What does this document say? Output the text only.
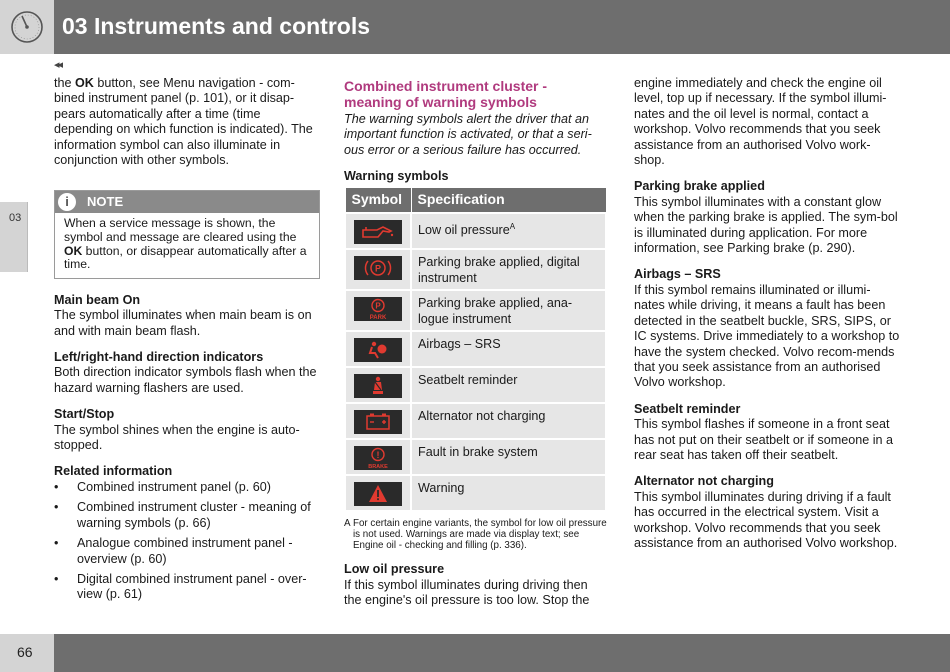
03 Instruments and controls
◂◂
03

the OK button, see Menu navigation - com-bined instrument panel (p. 101), or it disap-pears automatically after a time (time depending on which function is indicated). The information symbol can also illuminate in conjunction with other symbols.

i	NOTE
When a service message is shown, the symbol and message are cleared using the OK button, or disappear automatically after a time.

Main beam On

The symbol illuminates when main beam is on and with main beam flash.

Left/right-hand direction indicators

Both direction indicator symbols flash when the hazard warning flashers are used.

Start/Stop

The symbol shines when the engine is auto-stopped.

Related information

• Combined instrument panel (p. 60)
• Combined instrument cluster - meaning of warning symbols (p. 66)
• Analogue combined instrument panel - overview (p. 60)
• Digital combined instrument panel - over-view (p. 61)

Combined instrument cluster - meaning of warning symbols

The warning symbols alert the driver that an important function is activated, or that a seri-ous error or a serious failure has occurred.

Warning symbols

Symbol	Specification

	Low oil pressure$^A$

P	Parking brake applied, digital instrument

P
PARK	Parking brake applied, ana-logue instrument

	Airbags – SRS

	Seatbelt reminder

	Alternator not charging

!
BRAKE	Fault in brake system

	Warning
A For certain engine variants, the symbol for low oil pressure is not used. Warnings are made via display text; see Engine oil - checking and filling (p. 336).

Low oil pressure

If this symbol illuminates during driving then the engine's oil pressure is too low. Stop the

engine immediately and check the engine oil level, top up if necessary. If the symbol illumi-nates and the oil level is normal, contact a workshop. Volvo recommends that you seek assistance from an authorised Volvo work-shop.

Parking brake applied

This symbol illuminates with a constant glow when the parking brake is applied. The sym-bol is illuminated during application. For more information, see Parking brake (p. 290).

Airbags – SRS

If this symbol remains illuminated or illumi-nates while driving, it means a fault has been detected in the seatbelt buckle, SRS, SIPS, or IC systems. Drive immediately to a workshop to have the system checked. Volvo recom-mends that you seek assistance from an authorised Volvo workshop.

Seatbelt reminder

This symbol flashes if someone in a front seat has not put on their seatbelt or if someone in a rear seat has taken off their seatbelt.

Alternator not charging

This symbol illuminates during driving if a fault has occurred in the electrical system. Visit a workshop. Volvo recommends that you seek assistance from an authorised Volvo workshop.

66
